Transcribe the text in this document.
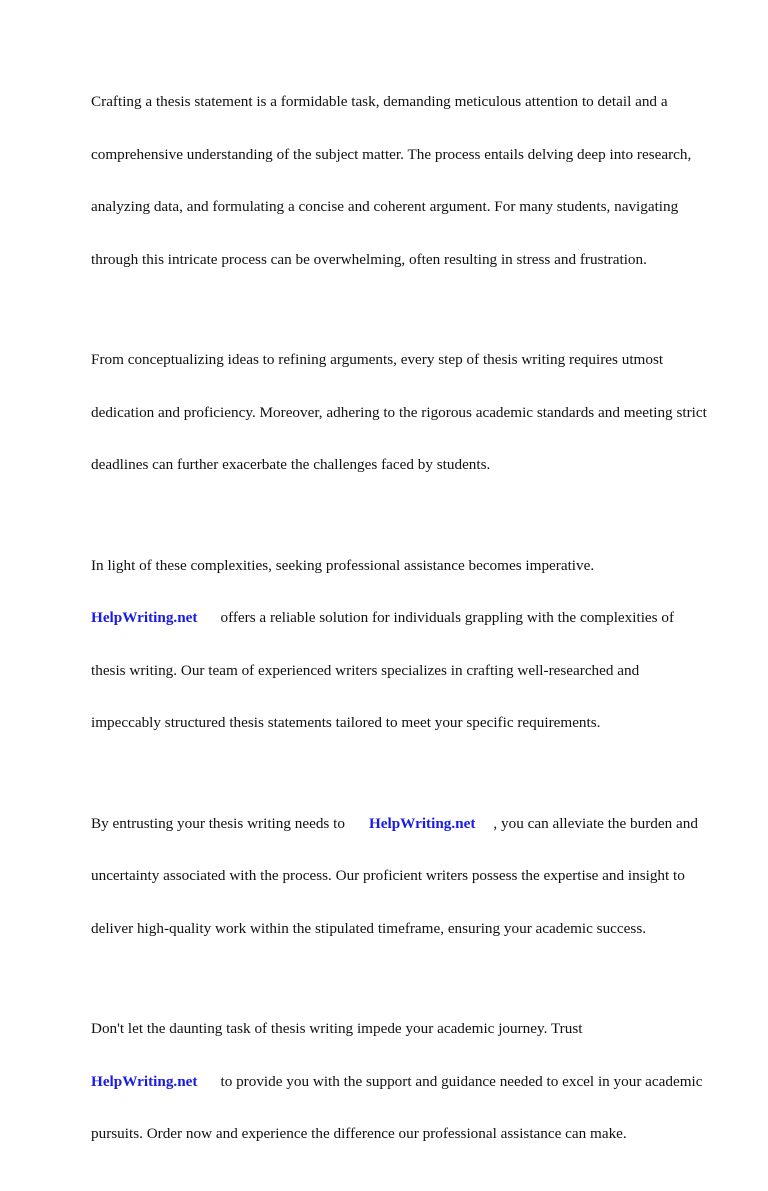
Crafting a thesis statement is a formidable task, demanding meticulous attention to detail and a

comprehensive understanding of the subject matter. The process entails delving deep into research,

analyzing data, and formulating a concise and coherent argument. For many students, navigating

through this intricate process can be overwhelming, often resulting in stress and frustration.

From conceptualizing ideas to refining arguments, every step of thesis writing requires utmost

dedication and proficiency. Moreover, adhering to the rigorous academic standards and meeting strict

deadlines can further exacerbate the challenges faced by students.

In light of these complexities, seeking professional assistance becomes imperative.

HelpWriting.net offers a reliable solution for individuals grappling with the complexities of

thesis writing. Our team of experienced writers specializes in crafting well-researched and

impeccably structured thesis statements tailored to meet your specific requirements.

By entrusting your thesis writing needs to HelpWriting.net , you can alleviate the burden and

uncertainty associated with the process. Our proficient writers possess the expertise and insight to

deliver high-quality work within the stipulated timeframe, ensuring your academic success.

Don't let the daunting task of thesis writing impede your academic journey. Trust

HelpWriting.net to provide you with the support and guidance needed to excel in your academic

pursuits. Order now and experience the difference our professional assistance can make.
